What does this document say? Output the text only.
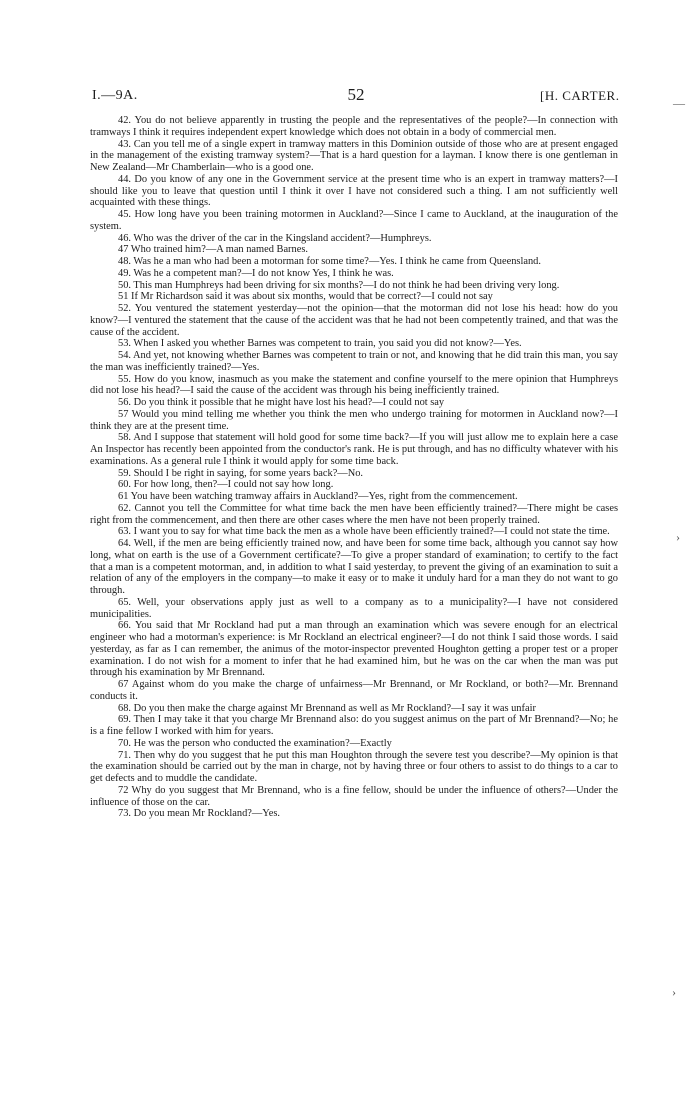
I.—9A.	52	[H. CARTER.	—
›
›

42. You do not believe apparently in trusting the people and the representatives of the people?—In connection with tramways I think it requires independent expert knowledge which does not obtain in a body of commercial men.

43. Can you tell me of a single expert in tramway matters in this Dominion outside of those who are at present engaged in the management of the existing tramway system?—That is a hard question for a layman. I know there is one gentleman in New Zealand—Mr Chamberlain—who is a good one.

44. Do you know of any one in the Government service at the present time who is an expert in tramway matters?—I should like you to leave that question until I think it over I have not considered such a thing. I am not sufficiently well acquainted with these things.

45. How long have you been training motormen in Auckland?—Since I came to Auckland, at the inauguration of the system.

46. Who was the driver of the car in the Kingsland accident?—Humphreys.

47 Who trained him?—A man named Barnes.

48. Was he a man who had been a motorman for some time?—Yes. I think he came from Queensland.

49. Was he a competent man?—I do not know Yes, I think he was.

50. This man Humphreys had been driving for six months?—I do not think he had been driving very long.

51 If Mr Richardson said it was about six months, would that be correct?—I could not say

52. You ventured the statement yesterday—not the opinion—that the motorman did not lose his head: how do you know?—I ventured the statement that the cause of the accident was that he had not been competently trained, and that was the cause of the accident.

53. When I asked you whether Barnes was competent to train, you said you did not know?—Yes.

54. And yet, not knowing whether Barnes was competent to train or not, and knowing that he did train this man, you say the man was inefficiently trained?—Yes.

55. How do you know, inasmuch as you make the statement and confine yourself to the mere opinion that Humphreys did not lose his head?—I said the cause of the accident was through his being inefficiently trained.

56. Do you think it possible that he might have lost his head?—I could not say

57 Would you mind telling me whether you think the men who undergo training for motormen in Auckland now?—I think they are at the present time.

58. And I suppose that statement will hold good for some time back?—If you will just allow me to explain here a case An Inspector has recently been appointed from the conductor's rank. He is put through, and has no difficulty whatever with his examinations. As a general rule I think it would apply for some time back.

59. Should I be right in saying, for some years back?—No.

60. For how long, then?—I could not say how long.

61 You have been watching tramway affairs in Auckland?—Yes, right from the commencement.

62. Cannot you tell the Committee for what time back the men have been efficiently trained?—There might be cases right from the commencement, and then there are other cases where the men have not been properly trained.

63. I want you to say for what time back the men as a whole have been efficiently trained?—I could not state the time.

64. Well, if the men are being efficiently trained now, and have been for some time back, although you cannot say how long, what on earth is the use of a Government certificate?—To give a proper standard of examination; to certify to the fact that a man is a competent motorman, and, in addition to what I said yesterday, to prevent the giving of an examination to suit a relation of any of the employers in the company—to make it easy or to make it unduly hard for a man they do not want to go through.

65. Well, your observations apply just as well to a company as to a municipality?—I have not considered municipalities.

66. You said that Mr Rockland had put a man through an examination which was severe enough for an electrical engineer who had a motorman's experience: is Mr Rockland an electrical engineer?—I do not think I said those words. I said yesterday, as far as I can remember, the animus of the motor-inspector prevented Houghton getting a proper test or a proper examination. I do not wish for a moment to infer that he had examined him, but he was on the car when the man was put through his examination by Mr Brennand.

67 Against whom do you make the charge of unfairness—Mr Brennand, or Mr Rockland, or both?—Mr. Brennand conducts it.

68. Do you then make the charge against Mr Brennand as well as Mr Rockland?—I say it was unfair

69. Then I may take it that you charge Mr Brennand also: do you suggest animus on the part of Mr Brennand?—No; he is a fine fellow I worked with him for years.

70. He was the person who conducted the examination?—Exactly

71. Then why do you suggest that he put this man Houghton through the severe test you describe?—My opinion is that the examination should be carried out by the man in charge, not by having three or four others to assist to do things to a car to get defects and to muddle the candidate.

72 Why do you suggest that Mr Brennand, who is a fine fellow, should be under the influence of others?—Under the influence of those on the car.

73. Do you mean Mr Rockland?—Yes.
